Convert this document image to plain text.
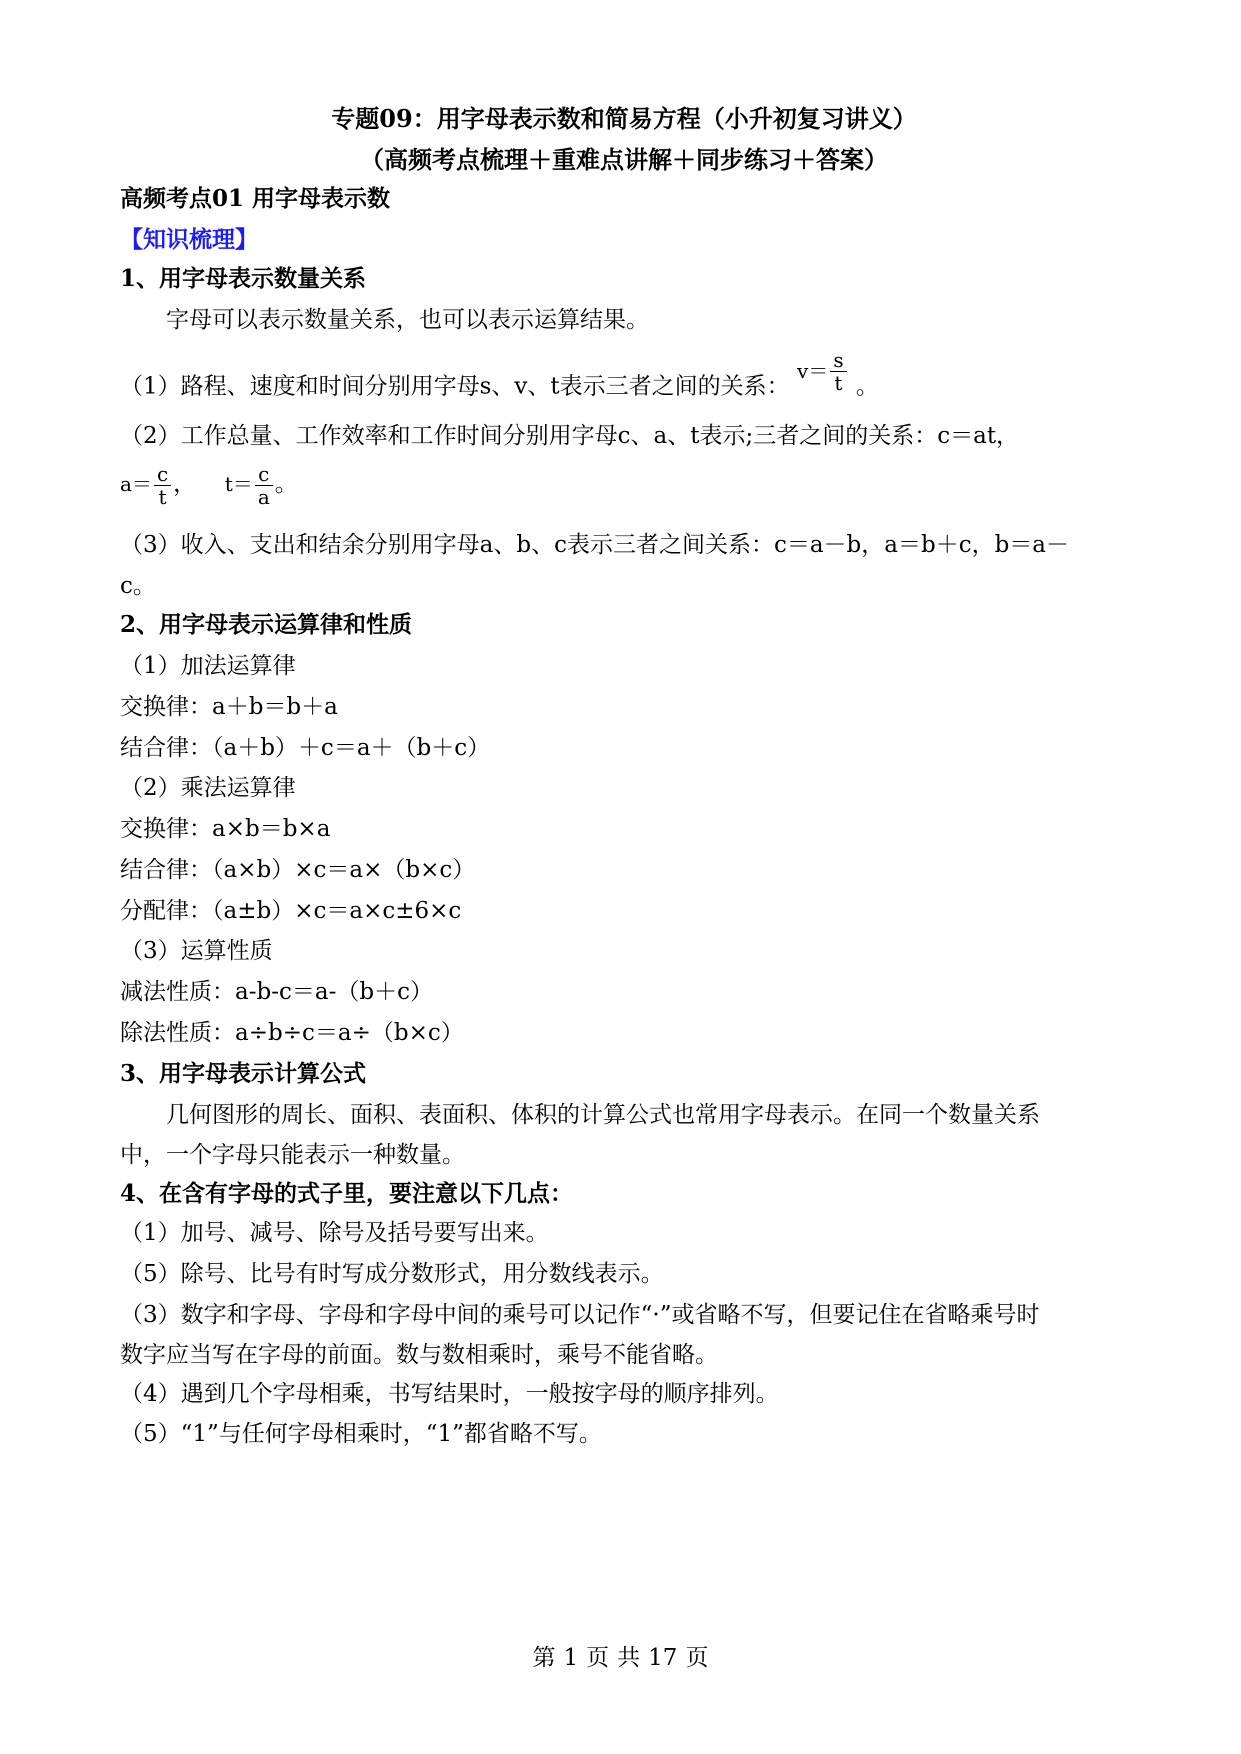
专题09：用字母表示数和简易方程（小升初复习讲义）
（高频考点梳理＋重难点讲解＋同步练习＋答案）
高频考点01 用字母表示数
【知识梳理】
1、用字母表示数量关系
字母可以表示数量关系，也可以表示运算结果。
（1）路程、速度和时间分别用字母s、v、t表示三者之间的关系： $v= \frac{s}{t}$ 。
（2）工作总量、工作效率和工作时间分别用字母c、a、t表示;三者之间的关系：c＝at，
$a= \frac{c}{t}$ ， $t= \frac{c}{a}$ 。
（3）收入、支出和结余分别用字母a、b、c表示三者之间关系：c＝a－b，a＝b＋c，b＝a－
c。
2、用字母表示运算律和性质
（1）加法运算律
交换律：a＋b＝b＋a
结合律：（a＋b）＋c＝a＋（b＋c）
（2）乘法运算律
交换律：a×b＝b×a
结合律：（a×b）×c＝a×（b×c）
分配律：（a±b）×c＝a×c±6×c
（3）运算性质
减法性质：a-b-c＝a-（b＋c）
除法性质：a÷b÷c＝a÷（b×c）
3、用字母表示计算公式
几何图形的周长、面积、表面积、体积的计算公式也常用字母表示。在同一个数量关系
中，一个字母只能表示一种数量。
4、在含有字母的式子里，要注意以下几点：
（1）加号、减号、除号及括号要写出来。
（5）除号、比号有时写成分数形式，用分数线表示。
（3）数字和字母、字母和字母中间的乘号可以记作“·”或省略不写，但要记住在省略乘号时
数字应当写在字母的前面。数与数相乘时，乘号不能省略。
（4）遇到几个字母相乘，书写结果时，一般按字母的顺序排列。
（5）“1”与任何字母相乘时，“1”都省略不写。
第 1 页 共 17 页
